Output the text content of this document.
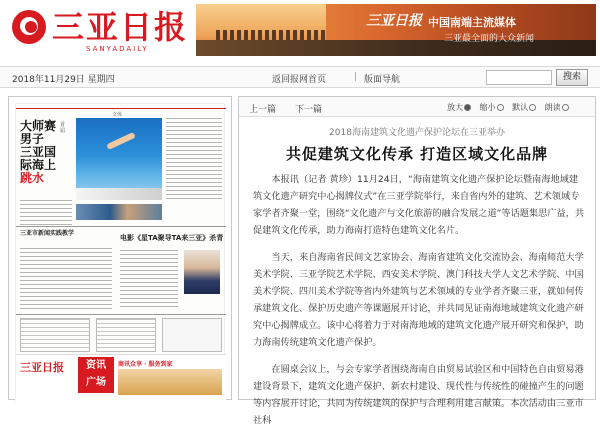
三亚日报
SANYADAILY
三亚日报 中国南端主流媒体
三亚最全面的大众新闻
2018年11月29日 星期四	返回报网首页	| 版面导航	搜索
文体
大师赛男子
三亚国际海上
跳水
首届
三亚市新闻实践教学
电影《星TA聚导TA来三亚》杀青
三亚日报	资讯
广场
商讯众享 · 服务到家
上一篇 下一篇	放大 缩小 默认 朗读
2018海南建筑文化遗产保护论坛在三亚举办
共促建筑文化传承 打造区域文化品牌

本报讯（记者 黄珍）11月24日，“海南建筑文化遗产保护论坛暨南海地域建筑文化遗产研究中心揭牌仪式”在三亚学院举行，来自省内外的建筑、艺术领域专家学者齐聚一堂，围绕“文化遗产与文化旅游的融合发展之道”等话题集思广益，共促建筑文化传承，助力海南打造特色建筑文化名片。

当天，来自海南省民间文艺家协会、海南省建筑文化交流协会、海南师范大学美术学院、三亚学院艺术学院、西安美术学院、澳门科技大学人文艺术学院、中国美术学院、四川美术学院等省内外建筑与艺术领域的专业学者齐聚三亚，就如何传承建筑文化、保护历史遗产等课题展开讨论，并共同见证南海地域建筑文化遗产研究中心揭牌成立。该中心将着力于对南海地域的建筑文化遗产展开研究和保护，助力海南传统建筑文化遗产保护。

在圆桌会议上，与会专家学者围绕海南自由贸易试验区和中国特色自由贸易港建设背景下，建筑文化遗产保护、新农村建设、现代性与传统性的碰撞产生的问题等内容展开讨论，共同为传统建筑的保护与合理利用建言献策。本次活动由三亚市社科
